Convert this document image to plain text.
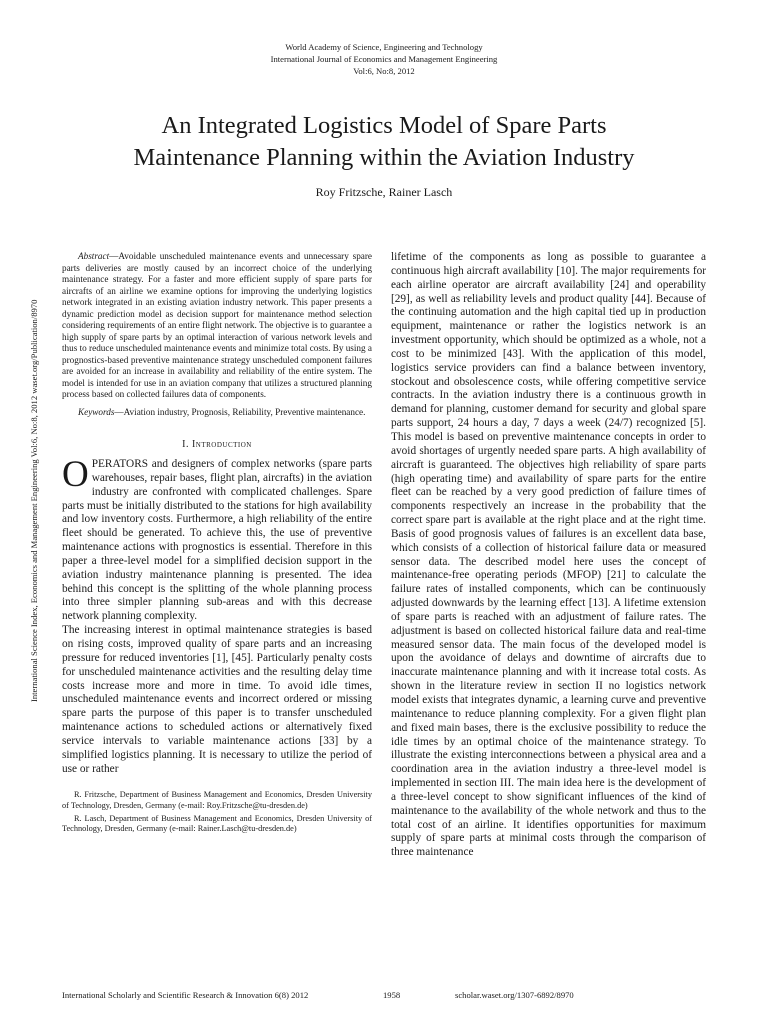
World Academy of Science, Engineering and Technology
International Journal of Economics and Management Engineering
Vol:6, No:8, 2012
An Integrated Logistics Model of Spare Parts
Maintenance Planning within the Aviation Industry
Roy Fritzsche, Rainer Lasch
International Science Index, Economics and Management Engineering Vol:6, No:8, 2012 waset.org/Publication/8970

Abstract—Avoidable unscheduled maintenance events and unnecessary spare parts deliveries are mostly caused by an incorrect choice of the underlying maintenance strategy. For a faster and more efficient supply of spare parts for aircrafts of an airline we examine options for improving the underlying logistics network integrated in an existing aviation industry network. This paper presents a dynamic prediction model as decision support for maintenance method selection considering requirements of an entire flight network. The objective is to guarantee a high supply of spare parts by an optimal interaction of various network levels and thus to reduce unscheduled maintenance events and minimize total costs. By using a prognostics-based preventive maintenance strategy unscheduled component failures are avoided for an increase in availability and reliability of the entire system. The model is intended for use in an aviation company that utilizes a structured planning process based on collected failures data of components.

Keywords—Aviation industry, Prognosis, Reliability, Preventive maintenance.

I. Introduction

OPERATORS and designers of complex networks (spare parts warehouses, repair bases, flight plan, aircrafts) in the aviation industry are confronted with complicated challenges. Spare parts must be initially distributed to the stations for high availability and low inventory costs. Furthermore, a high reliability of the entire fleet should be generated. To achieve this, the use of preventive maintenance actions with prognostics is essential. Therefore in this paper a three-level model for a simplified decision support in the aviation industry maintenance planning is presented. The idea behind this concept is the splitting of the whole planning process into three simpler planning sub-areas and with this decrease network planning complexity.

The increasing interest in optimal maintenance strategies is based on rising costs, improved quality of spare parts and an increasing pressure for reduced inventories [1], [45]. Particularly penalty costs for unscheduled maintenance activities and the resulting delay time costs increase more and more in time. To avoid idle times, unscheduled maintenance events and incorrect ordered or missing spare parts the purpose of this paper is to transfer unscheduled maintenance actions to scheduled actions or alternatively fixed service intervals to variable maintenance actions [33] by a simplified logistics planning. It is necessary to utilize the period of use or rather

R. Fritzsche, Department of Business Management and Economics, Dresden University of Technology, Dresden, Germany (e-mail: Roy.Fritzsche@tu-dresden.de)

R. Lasch, Department of Business Management and Economics, Dresden University of Technology, Dresden, Germany (e-mail: Rainer.Lasch@tu-dresden.de)

lifetime of the components as long as possible to guarantee a continuous high aircraft availability [10]. The major requirements for each airline operator are aircraft availability [24] and operability [29], as well as reliability levels and product quality [44]. Because of the continuing automation and the high capital tied up in production equipment, maintenance or rather the logistics network is an investment opportunity, which should be optimized as a whole, not a cost to be minimized [43]. With the application of this model, logistics service providers can find a balance between inventory, stockout and obsolescence costs, while offering competitive service contracts. In the aviation industry there is a continuous growth in demand for planning, customer demand for security and global spare parts support, 24 hours a day, 7 days a week (24/7) recognized [5]. This model is based on preventive maintenance concepts in order to avoid shortages of urgently needed spare parts. A high availability of aircraft is guaranteed. The objectives high reliability of spare parts (high operating time) and availability of spare parts for the entire fleet can be reached by a very good prediction of failure times of components respectively an increase in the probability that the correct spare part is available at the right place and at the right time. Basis of good prognosis values of failures is an excellent data base, which consists of a collection of historical failure data or measured sensor data. The described model here uses the concept of maintenance-free operating periods (MFOP) [21] to calculate the failure rates of installed components, which can be continuously adjusted downwards by the learning effect [13]. A lifetime extension of spare parts is reached with an adjustment of failure rates. The adjustment is based on collected historical failure data and real-time measured sensor data. The main focus of the developed model is upon the avoidance of delays and downtime of aircrafts due to inaccurate maintenance planning and with it increase total costs. As shown in the literature review in section II no logistics network model exists that integrates dynamic, a learning curve and preventive maintenance to reduce planning complexity. For a given flight plan and fixed main bases, there is the exclusive possibility to reduce the idle times by an optimal choice of the maintenance strategy. To illustrate the existing interconnections between a physical area and a coordination area in the aviation industry a three-level model is implemented in section III. The main idea here is the development of a three-level concept to show significant influences of the kind of maintenance to the availability of the whole network and thus to the total cost of an airline. It identifies opportunities for maximum supply of spare parts at minimal costs through the comparison of three maintenance
International Scholarly and Scientific Research & Innovation 6(8) 2012	1958	scholar.waset.org/1307-6892/8970
